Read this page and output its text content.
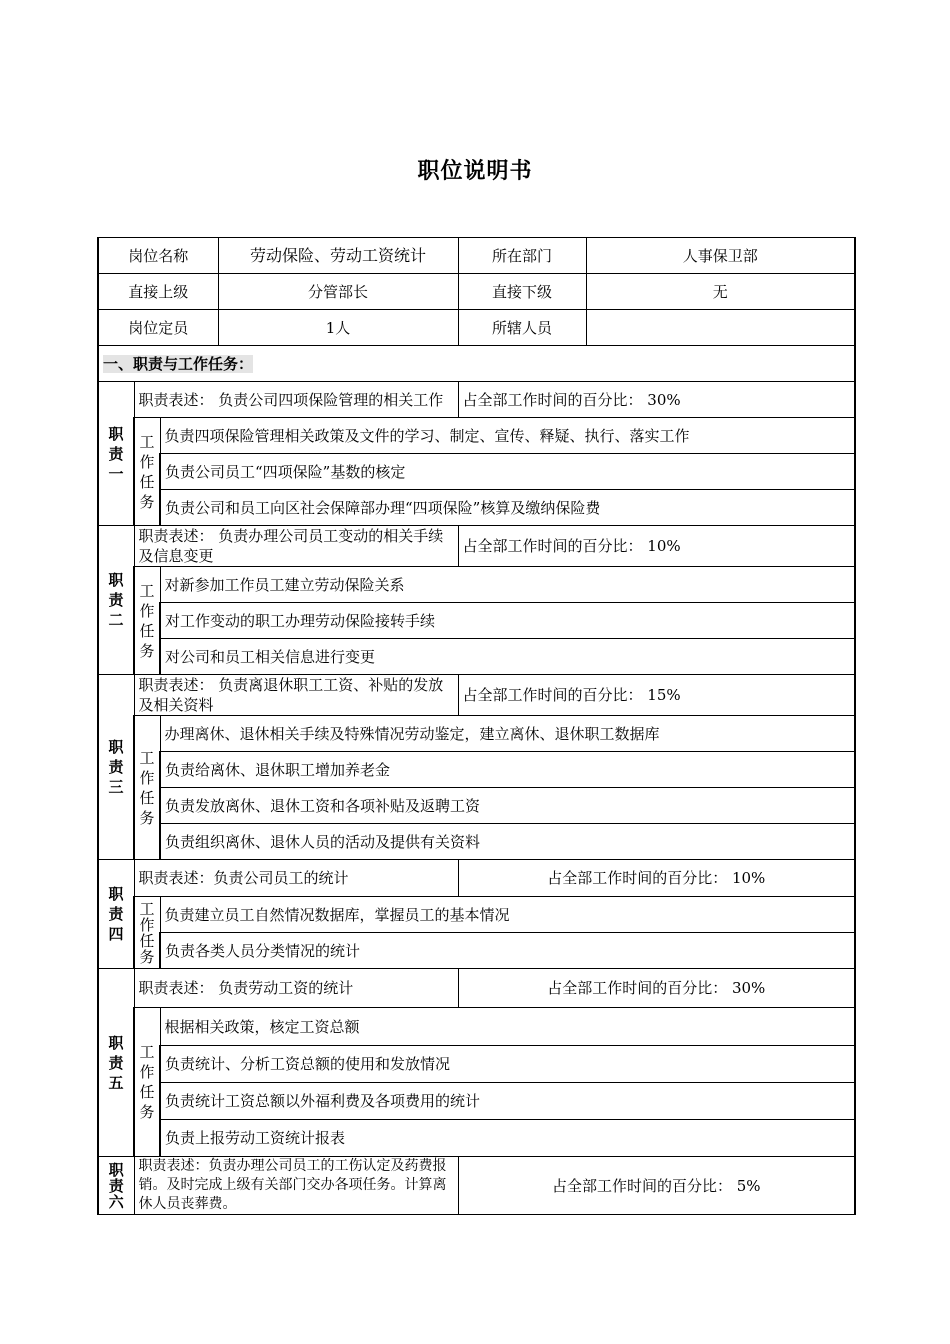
职位说明书
岗位名称			劳动保险、劳动工资统计	所在部门	人事保卫部
直接上级			分管部长	直接下级	无
岗位定员			1人	所辖人员	
一、职责与工作任务：					

职责一	职责表述： 负责公司四项保险管理的相关工作			占全部工作时间的百分比： 30%	

	工作任务	负责四项保险管理相关政策及文件的学习、制定、宣传、释疑、执行、落实工作			
		负责公司员工“四项保险”基数的核定			
		负责公司和员工向区社会保障部办理“四项保险”核算及缴纳保险费			

职责二	职责表述： 负责办理公司员工变动的相关手续及信息变更			占全部工作时间的百分比： 10%	

	工作任务	对新参加工作员工建立劳动保险关系			
		对工作变动的职工办理劳动保险接转手续			
		对公司和员工相关信息进行变更			

职责三	职责表述： 负责离退休职工工资、补贴的发放及相关资料			占全部工作时间的百分比： 15%	

	工作任务	办理离休、退休相关手续及特殊情况劳动鉴定，建立离休、退休职工数据库			
		负责给离休、退休职工增加养老金			
		负责发放离休、退休工资和各项补贴及返聘工资			
		负责组织离休、退休人员的活动及提供有关资料			

职责四	职责表述：负责公司员工的统计			占全部工作时间的百分比： 10%	

	工作任务	负责建立员工自然情况数据库，掌握员工的基本情况			
		负责各类人员分类情况的统计			

职责五	职责表述： 负责劳动工资的统计			占全部工作时间的百分比： 30%	

	工作任务	根据相关政策，核定工资总额			
		负责统计、分析工资总额的使用和发放情况			
		负责统计工资总额以外福利费及各项费用的统计			
		负责上报劳动工资统计报表			

职责六	职责表述：负责办理公司员工的工伤认定及药费报销。及时完成上级有关部门交办各项任务。计算离休人员丧葬费。			占全部工作时间的百分比： 5%	
